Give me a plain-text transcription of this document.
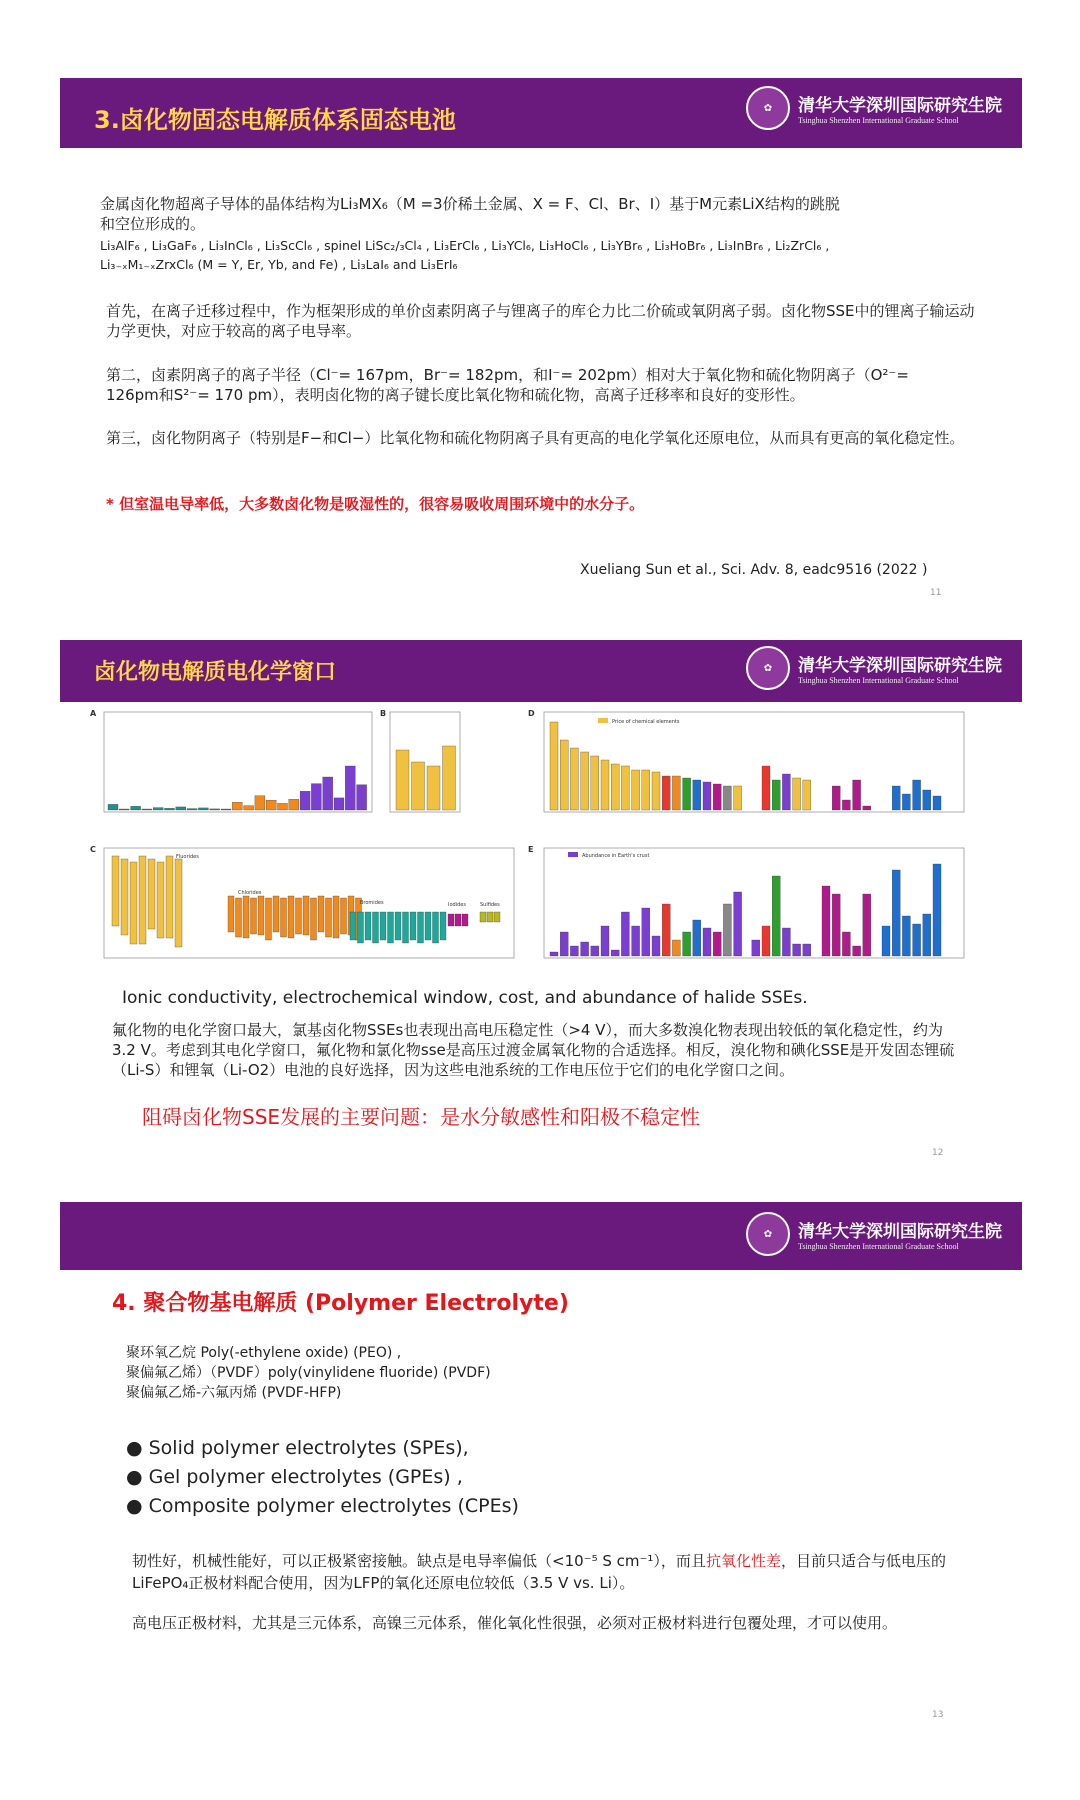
3.卤化物固态电解质体系固态电池	✿	清华大学深圳国际研究生院
Tsinghua Shenzhen International Graduate School
金属卤化物超离子导体的晶体结构为Li₃MX₆（M =3价稀土金属、X = F、Cl、Br、I）基于M元素LiX结构的跳脱
和空位形成的。
Li₃AlF₆ , Li₃GaF₆ , Li₃InCl₆ , Li₃ScCl₆ , spinel LiSc₂/₃Cl₄ , Li₃ErCl₆ , Li₃YCl₆, Li₃HoCl₆ , Li₃YBr₆ , Li₃HoBr₆ , Li₃InBr₆ , Li₂ZrCl₆ ,
Li₃₋ₓM₁₋ₓZrxCl₆ (M = Y, Er, Yb, and Fe) , Li₃LaI₆ and Li₃ErI₆
首先，在离子迁移过程中，作为框架形成的单价卤素阴离子与锂离子的库仑力比二价硫或氧阴离子弱。卤化物SSE中的锂离子输运动力学更快，对应于较高的离子电导率。
第二，卤素阴离子的离子半径（Cl⁻= 167pm，Br⁻= 182pm，和I⁻= 202pm）相对大于氧化物和硫化物阴离子（O²⁻= 126pm和S²⁻= 170 pm），表明卤化物的离子键长度比氧化物和硫化物，高离子迁移率和良好的变形性。
第三，卤化物阴离子（特别是F−和Cl−）比氧化物和硫化物阴离子具有更高的电化学氧化还原电位，从而具有更高的氧化稳定性。
* 但室温电导率低，大多数卤化物是吸湿性的，很容易吸收周围环境中的水分子。
Xueliang Sun et al., Sci. Adv. 8, eadc9516 (2022 )
11
卤化物电解质电化学窗口	✿	清华大学深圳国际研究生院
Tsinghua Shenzhen International Graduate School
A	B	D
Price of chemical elements
C
Fluorides
Chlorides
Bromides	Iodides	Sulfides
E
Abundance in Earth's crust
Ionic conductivity, electrochemical window, cost, and abundance of halide SSEs.
氟化物的电化学窗口最大，氯基卤化物SSEs也表现出高电压稳定性（>4 V），而大多数溴化物表现出较低的氧化稳定性，约为3.2 V。考虑到其电化学窗口，氟化物和氯化物sse是高压过渡金属氧化物的合适选择。相反，溴化物和碘化SSE是开发固态锂硫（Li-S）和锂氧（Li-O2）电池的良好选择，因为这些电池系统的工作电压位于它们的电化学窗口之间。
阻碍卤化物SSE发展的主要问题：是水分敏感性和阳极不稳定性
12
✿	清华大学深圳国际研究生院
Tsinghua Shenzhen International Graduate School
4. 聚合物基电解质 (Polymer Electrolyte)
聚环氧乙烷 Poly(-ethylene oxide) (PEO) ,
聚偏氟乙烯）（PVDF）poly(vinylidene fluoride) (PVDF)
聚偏氟乙烯-六氟丙烯 (PVDF-HFP)
● Solid polymer electrolytes (SPEs),
● Gel polymer electrolytes (GPEs) ,
● Composite polymer electrolytes (CPEs)
韧性好，机械性能好，可以正极紧密接触。缺点是电导率偏低（<10⁻⁵ S cm⁻¹），而且抗氧化性差，目前只适合与低电压的LiFePO₄正极材料配合使用，因为LFP的氧化还原电位较低（3.5 V vs. Li）。
高电压正极材料，尤其是三元体系，高镍三元体系，催化氧化性很强，必须对正极材料进行包覆处理，才可以使用。
13
